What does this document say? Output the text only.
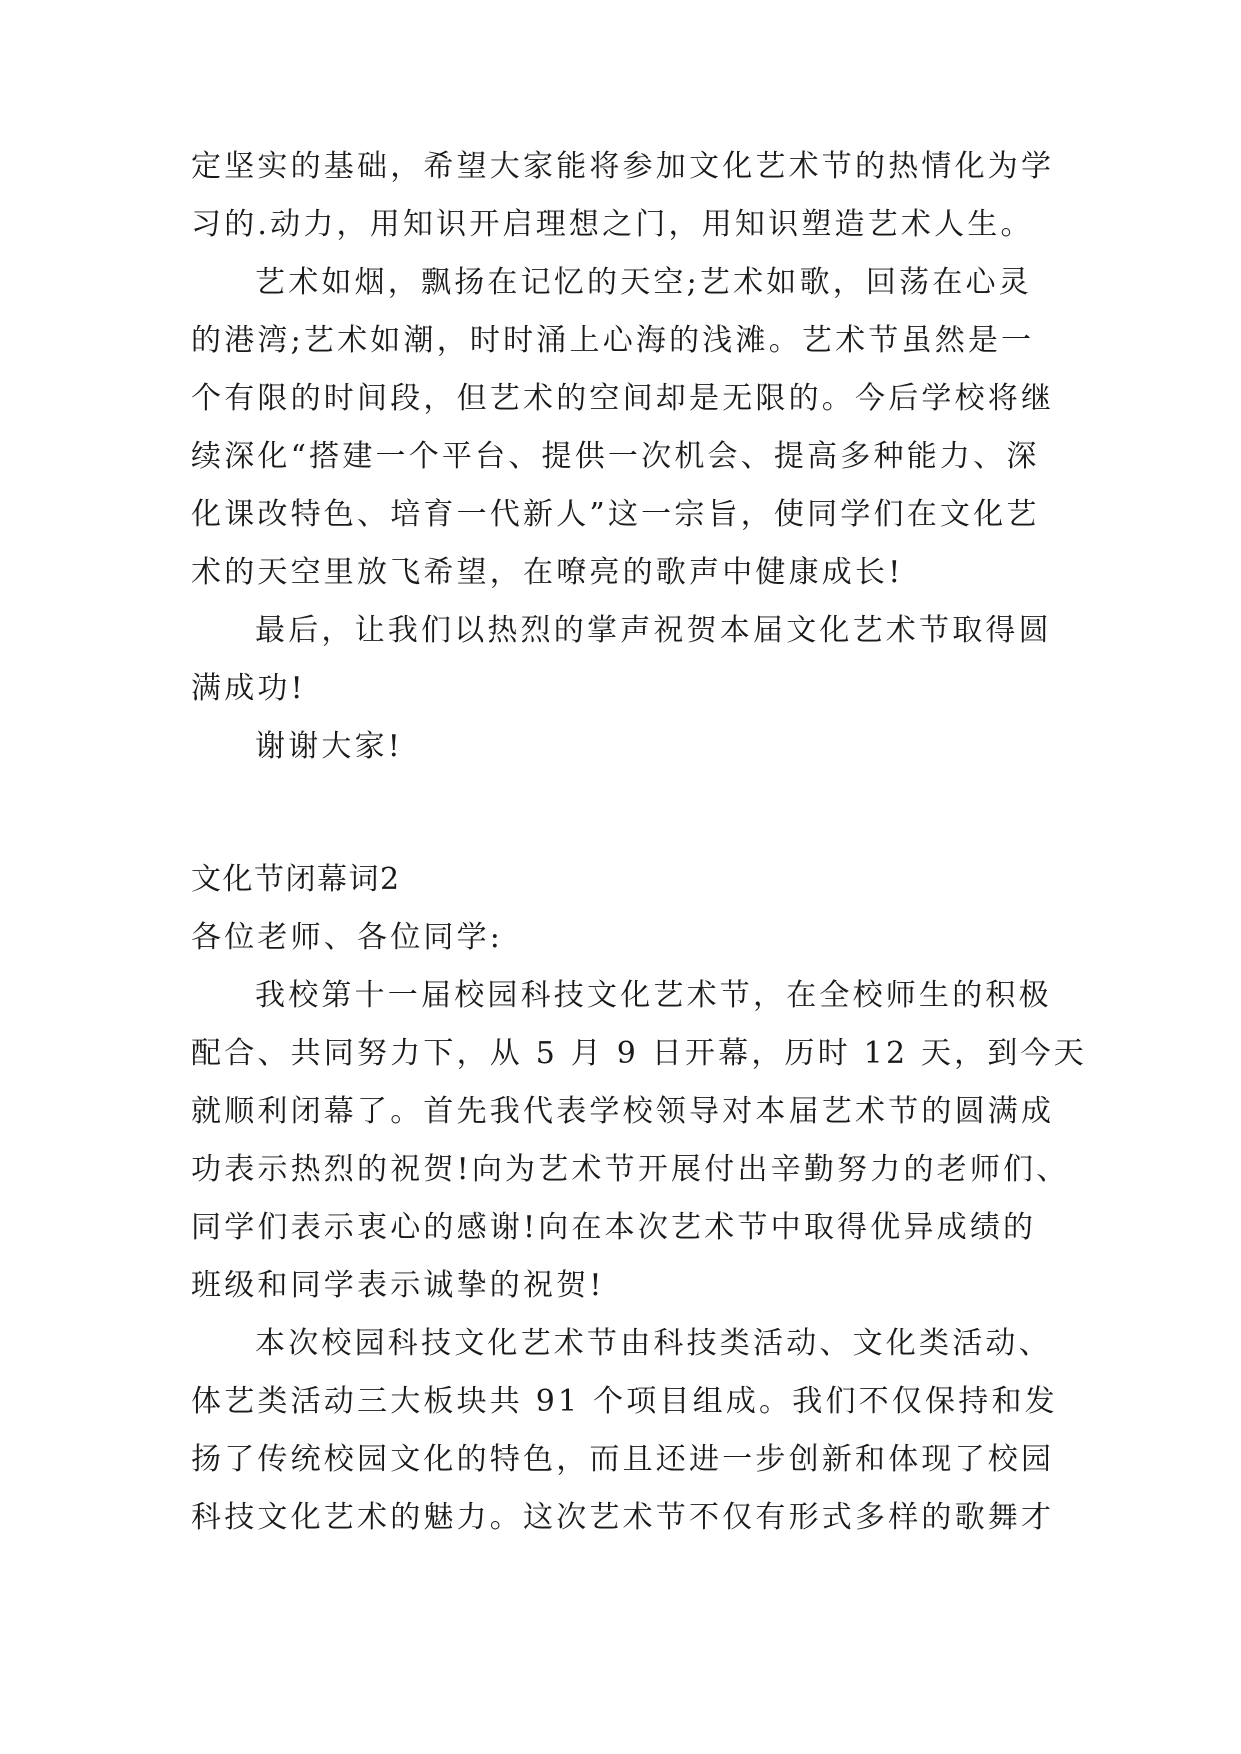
定坚实的基础，希望大家能将参加文化艺术节的热情化为学
习的.动力，用知识开启理想之门，用知识塑造艺术人生。
艺术如烟，飘扬在记忆的天空;艺术如歌，回荡在心灵
的港湾;艺术如潮，时时涌上心海的浅滩。艺术节虽然是一
个有限的时间段，但艺术的空间却是无限的。今后学校将继
续深化“搭建一个平台、提供一次机会、提高多种能力、深
化课改特色、培育一代新人”这一宗旨，使同学们在文化艺
术的天空里放飞希望，在嘹亮的歌声中健康成长!
最后，让我们以热烈的掌声祝贺本届文化艺术节取得圆
满成功!
谢谢大家!
文化节闭幕词2
各位老师、各位同学:
我校第十一届校园科技文化艺术节，在全校师生的积极
配合、共同努力下，从 5 月 9 日开幕，历时 12 天，到今天
就顺利闭幕了。首先我代表学校领导对本届艺术节的圆满成
功表示热烈的祝贺!向为艺术节开展付出辛勤努力的老师们、
同学们表示衷心的感谢!向在本次艺术节中取得优异成绩的
班级和同学表示诚挚的祝贺!
本次校园科技文化艺术节由科技类活动、文化类活动、
体艺类活动三大板块共 91 个项目组成。我们不仅保持和发
扬了传统校园文化的特色，而且还进一步创新和体现了校园
科技文化艺术的魅力。这次艺术节不仅有形式多样的歌舞才
